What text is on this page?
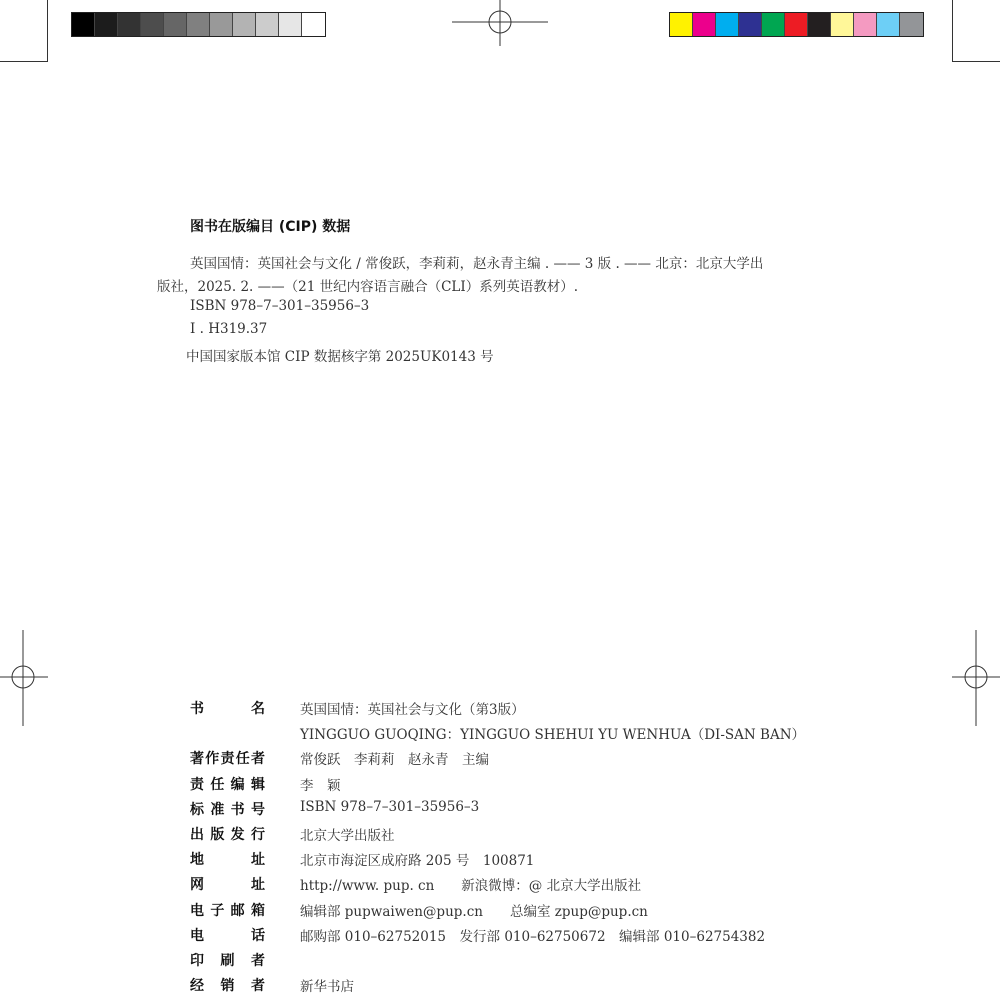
图书在版编目 (CIP) 数据
英国国情：英国社会与文化 / 常俊跃，李莉莉，赵永青主编 . —— 3 版 . —— 北京：北京大学出
版社，2025. 2. ——（21 世纪内容语言融合（CLI）系列英语教材）.
ISBN 978–7–301–35956–3
Ⅰ . H319.37
中国国家版本馆 CIP 数据核字第 2025UK0143 号
书	名	英国国情：英国社会与文化（第3版）
YINGGUO GUOQING：YINGGUO SHEHUI YU WENHUA（DI-SAN BAN）
著 作 责 任 者	常俊跃　李莉莉　赵永青　主编
责 任 编 辑	李　颖
标 准 书 号	ISBN 978–7–301–35956–3
出 版 发 行	北京大学出版社
地	址	北京市海淀区成府路 205 号　100871
网	址	http://www. pup. cn　　新浪微博：@ 北京大学出版社
电 子 邮 箱	编辑部 pupwaiwen@pup.cn　　总编室 zpup@pup.cn
电	话	邮购部 010–62752015　发行部 010–62750672　编辑部 010–62754382
印 刷 者
经 销 者	新华书店
